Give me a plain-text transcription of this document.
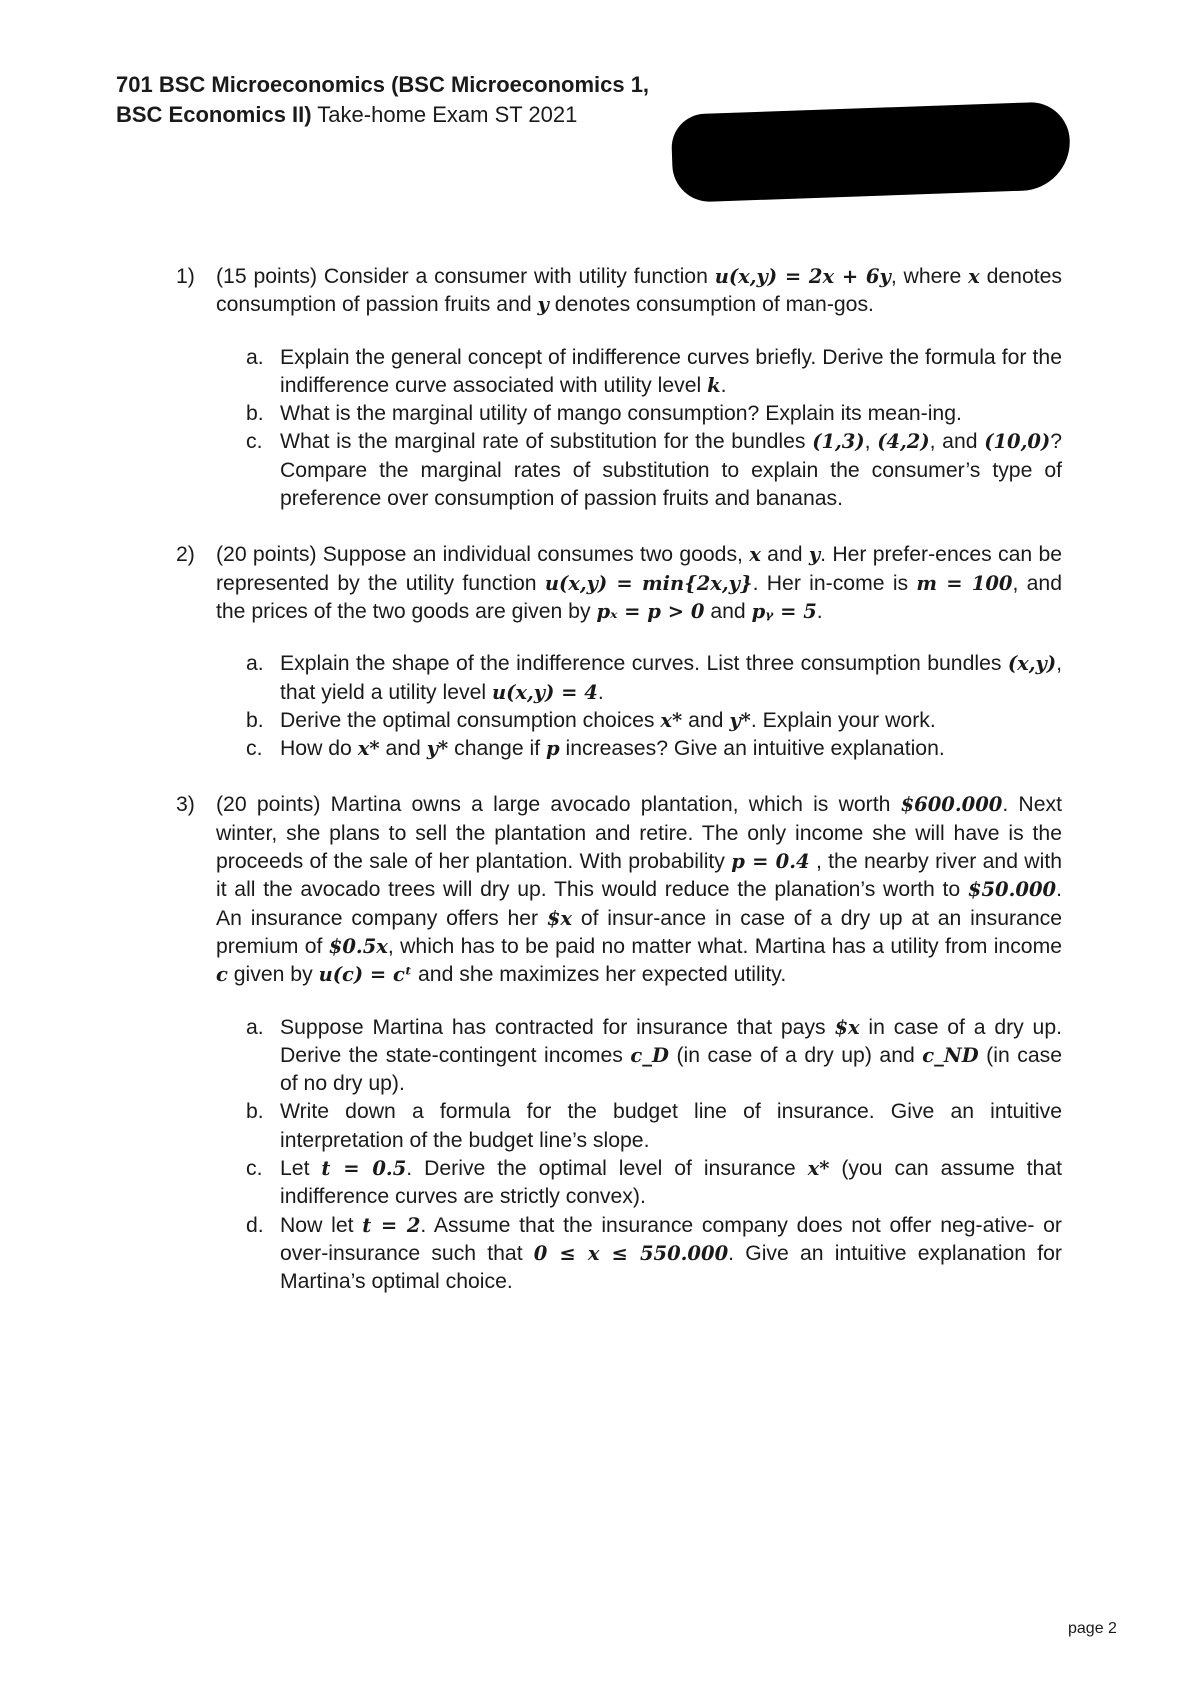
701 BSC Microeconomics (BSC Microeconomics 1,
BSC Economics II) Take-home Exam ST 2021
1) (15 points) Consider a consumer with utility function u(x,y) = 2x + 6y, where x denotes consumption of passion fruits and y denotes consumption of man-gos.
a. Explain the general concept of indifference curves briefly. Derive the formula for the indifference curve associated with utility level k.
b. What is the marginal utility of mango consumption? Explain its mean-ing.
c. What is the marginal rate of substitution for the bundles (1,3), (4,2), and (10,0)? Compare the marginal rates of substitution to explain the consumer’s type of preference over consumption of passion fruits and bananas.
2) (20 points) Suppose an individual consumes two goods, x and y. Her prefer-ences can be represented by the utility function u(x,y) = min{2x,y}. Her in-come is m = 100, and the prices of the two goods are given by pₓ = p > 0 and pᵧ = 5.
a. Explain the shape of the indifference curves. List three consumption bundles (x,y), that yield a utility level u(x,y) = 4.
b. Derive the optimal consumption choices x* and y*. Explain your work.
c. How do x* and y* change if p increases? Give an intuitive explanation.
3) (20 points) Martina owns a large avocado plantation, which is worth $600.000. Next winter, she plans to sell the plantation and retire. The only income she will have is the proceeds of the sale of her plantation. With probability p = 0.4 , the nearby river and with it all the avocado trees will dry up. This would reduce the planation’s worth to $50.000. An insurance company offers her $x of insur-ance in case of a dry up at an insurance premium of $0.5x, which has to be paid no matter what. Martina has a utility from income c given by u(c) = cᵗ and she maximizes her expected utility.
a. Suppose Martina has contracted for insurance that pays $x in case of a dry up. Derive the state-contingent incomes c_D (in case of a dry up) and c_ND (in case of no dry up).
b. Write down a formula for the budget line of insurance. Give an intuitive interpretation of the budget line’s slope.
c. Let t = 0.5. Derive the optimal level of insurance x* (you can assume that indifference curves are strictly convex).
d. Now let t = 2. Assume that the insurance company does not offer neg-ative- or over-insurance such that 0 ≤ x ≤ 550.000. Give an intuitive explanation for Martina’s optimal choice.
page 2
